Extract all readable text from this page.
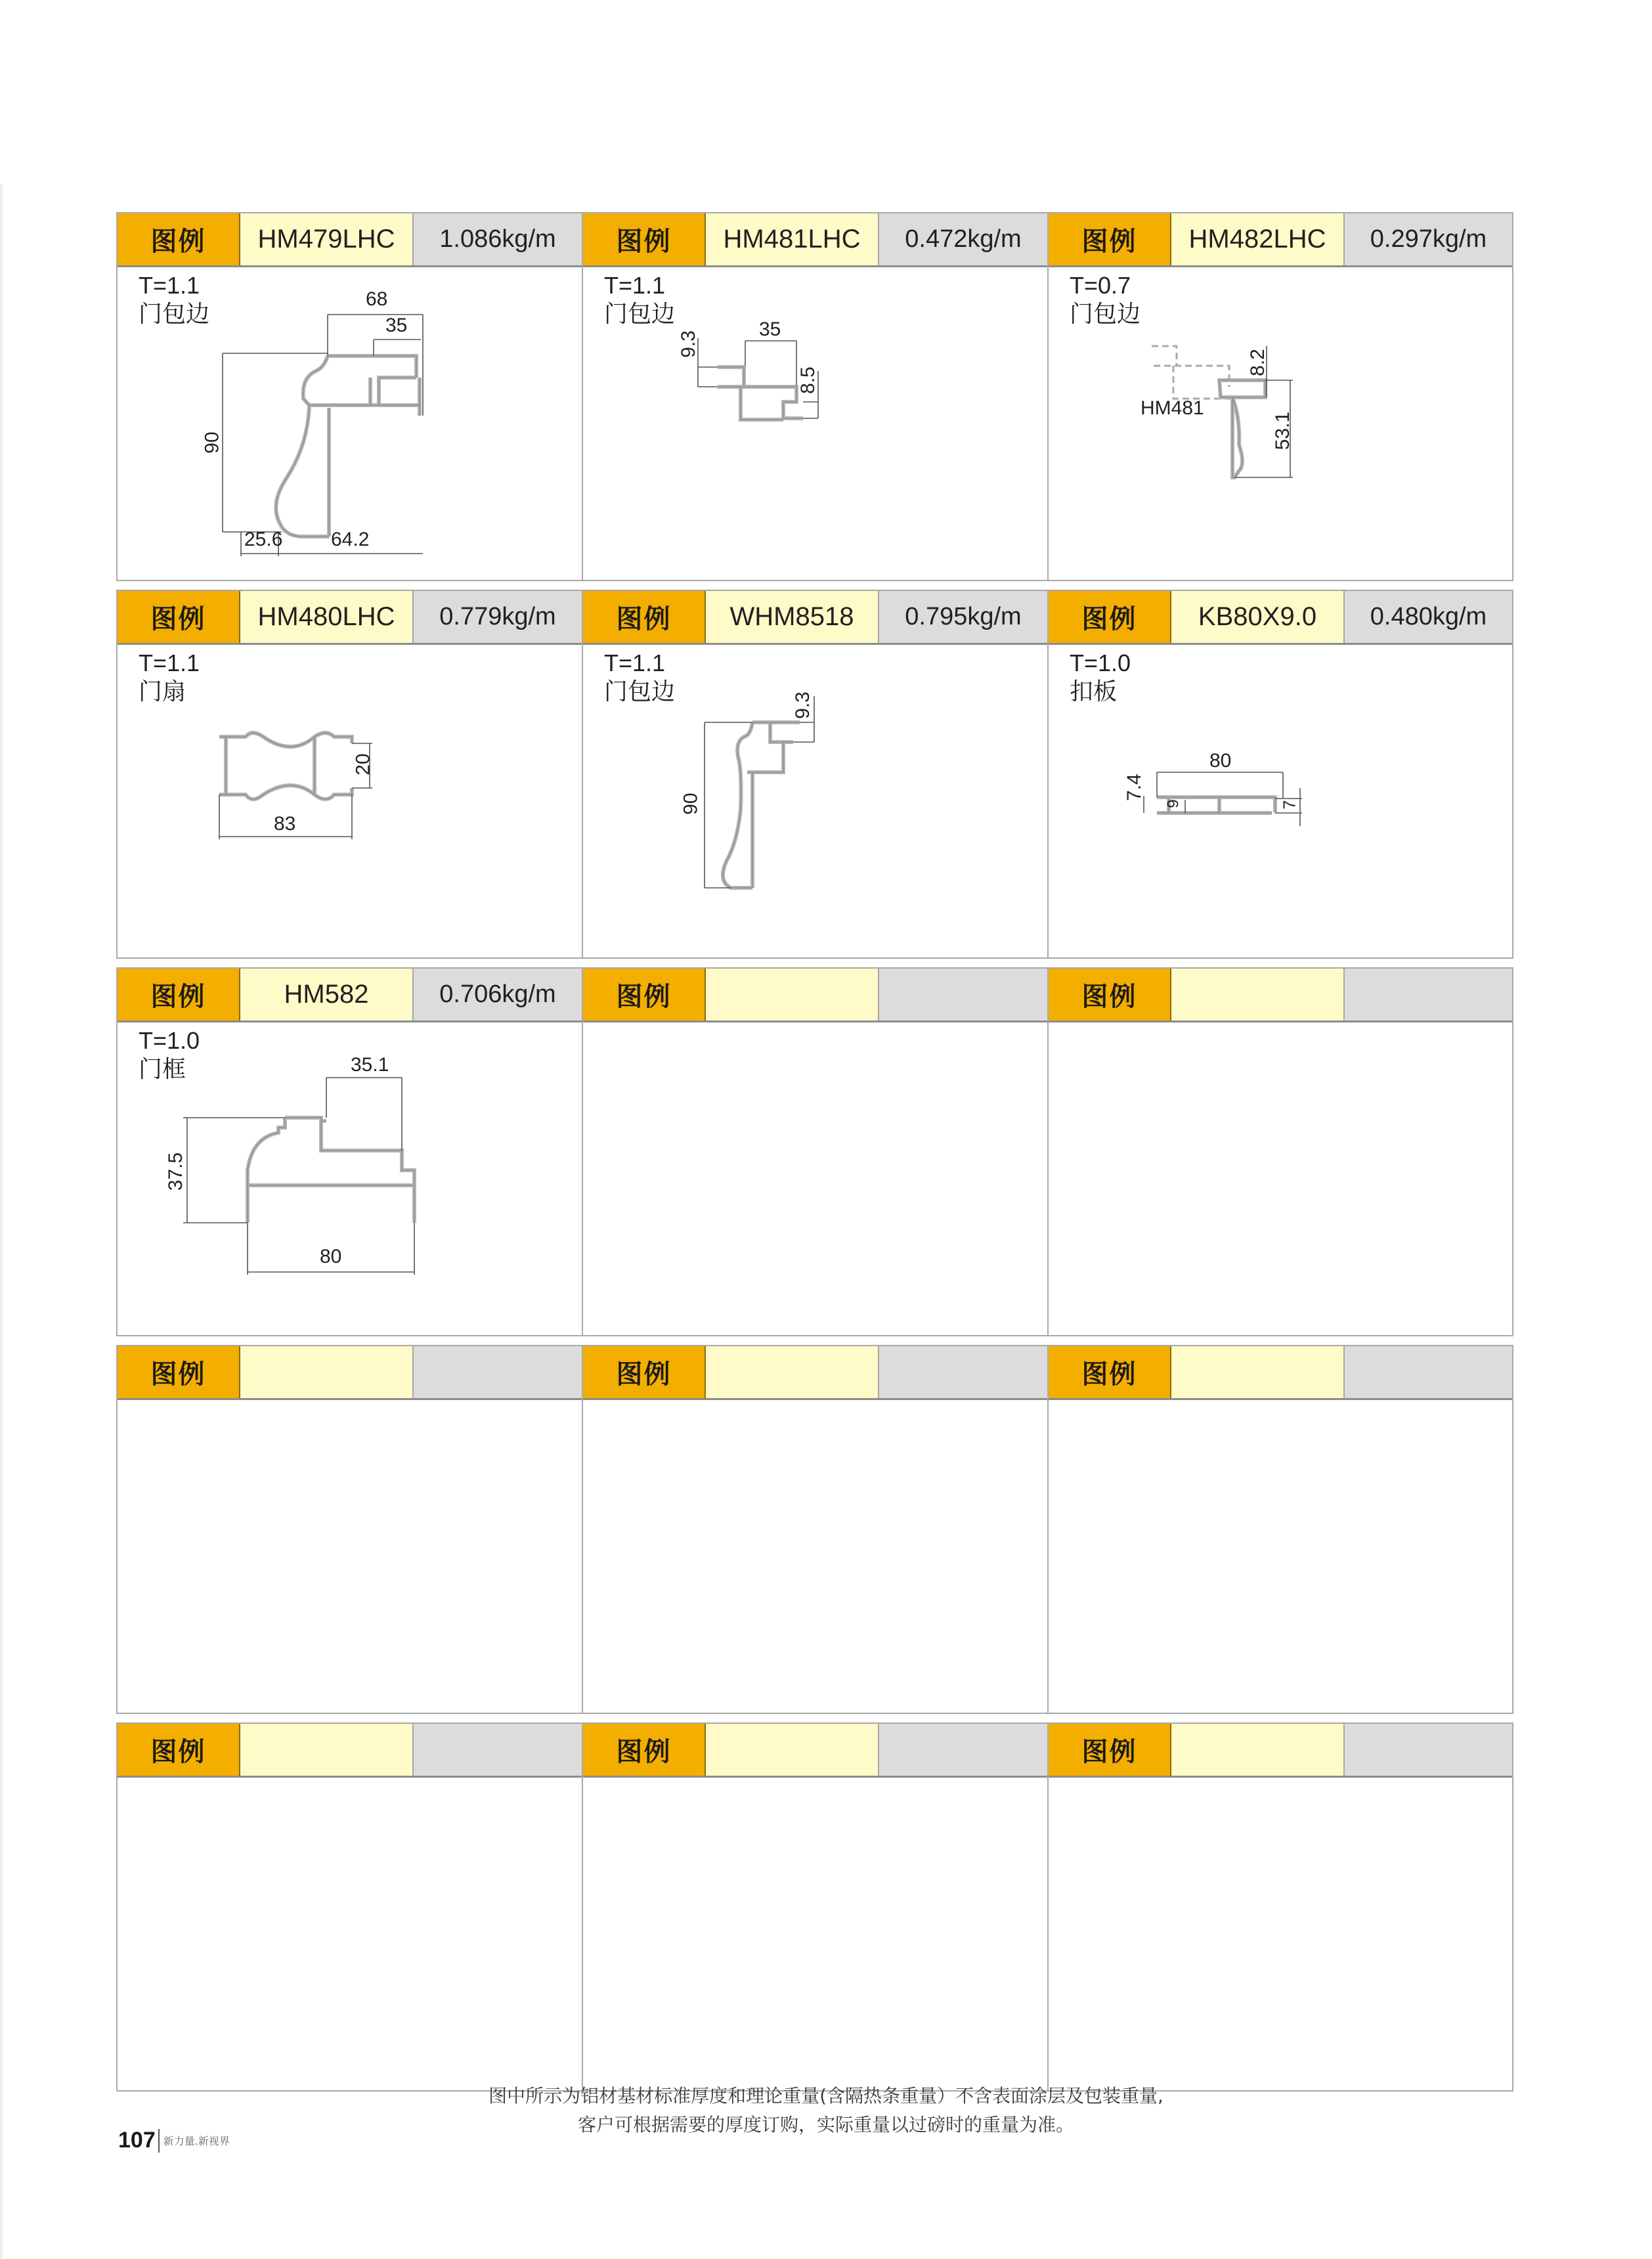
图例	HM479LHC	1.086kg/m
T=1.1
门包边
68
35
90
25.6 64.2
图例	HM481LHC	0.472kg/m
T=1.1
门包边
35
9.3
8.5
图例	HM482LHC	0.297kg/m
T=0.7
门包边
8.2
53.1
HM481
图例	HM480LHC	0.779kg/m
T=1.1
门扇
20
83
图例	WHM8518	0.795kg/m
T=1.1
门包边
90
9.3
图例	KB80X9.0	0.480kg/m
T=1.0
扣板
80
7.4
9	7
图例	HM582	0.706kg/m
T=1.0
门框	35.1
37.5
80
图例	图例
图例	图例	图例
图例	图例	图例
图中所示为铝材基材标准厚度和理论重量(含隔热条重量）不含表面涂层及包装重量,
客户可根据需要的厚度订购，实际重量以过磅时的重量为准。
107 新力量.新视界
